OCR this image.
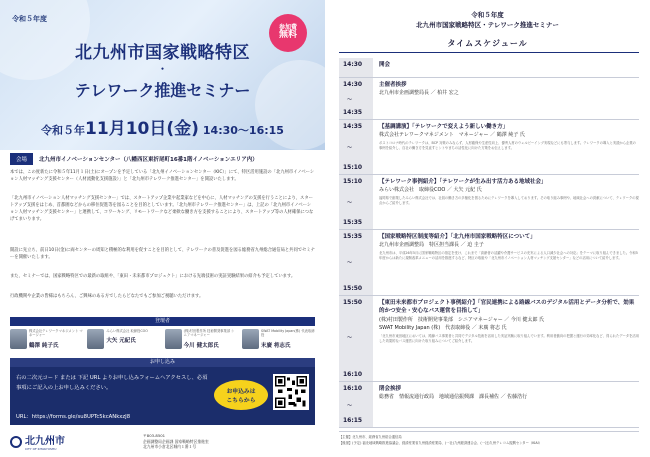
令和５年度
参加費
無料
北九州市国家戦略特区
・
テレワーク推進セミナー
令和５年11月10日(金) 14:30〜16:15
会場	北九州市イノベーションセンター（八幡西区東折尾町16番1階イノベーションエリア内）
本では、この度新たに令和５年11月１日(土)にオープンを予定している「北九州イノベーションセンター（KIC）」にて、特区活用施設の「北九州市イノベーション人材マッチング支援センター（人材流動化支援施設）」と「北九州市テレワーク推進センター」を開設いたします。
「北九州市イノベーション人材マッチング支援センター」では、スタートアップ企業や起業家などを中心に、人材マッチングの支援を行うことにより、スタートアップ支援をはじめ、首都圏などからの移住促進等を図ることを目的としています。「北九州市テレワーク推進センター」は、上記の「北九州市イノベーション人材マッチング支援センター」と連携して、コワーキング、リモートワークなど柔軟な働き方を支援することにより、スタートアップ等の人材確保につなげてまいります。
開設に先立ち、前日10日(金)に両センターの周知と積極的な利用を促すことを目的として、テレワークの普及促進を図る総務省九州総合通信局と共同でセミナーを開催いたします。
また、セミナーでは、国家戦略特区での最新の取組や、「東田・未来都市プロジェクト」における先端技術の実証実験結果の紹介も予定しています。
行政機関や企業の皆様はもちろん、ご興味のある方でしたらどなたでもご参加ご視聴いただけます。
登壇者
株式会社テレワークマネジメント マネージャー
鶴澤 純子氏
みらい株式会社 取締役COO
大矢 元紀氏
(株)村田製作所 技術開発事業部 シニアマネージャー
今川 健太郎氏
SWAT Mobility Japan(株) 代表取締役
末廣 将志氏
お申し込み
右の二次元コード または 下記 URL よりお申し込みフォームへアクセスし、必須事項にご記入の上お申し込みください。
URL：https://forms.gle/su8UPTc5kcANkxzJ8
お申込みは
こちらから
北九州市
CITY OF KITAKYUSHU
〒803-8501
企画調整局企画課 国家戦略特区推進室
北九州市小倉北区城内１番１号
令和５年度
北九州市国家戦略特区・テレワーク推進セミナー
タイムスケジュール
14:30	開会
14:30
〜
14:35
主催者挨拶
北九州市企画調整局長 ／ 柏井 宏之
14:35
〜
15:10
【基調講演】「テレワークで変えよう新しい働き方」
株式会社テレワークマネジメント　マネージャー ／ 鶴澤 純子 氏
ポストコロナ時代のテレワークは、BCP 対策のみならず、人材確保や生産性向上、優秀人材のウェルビーイング実現などにも寄与します。テレワークの導入と実践から企業の事例を紹介し、自社の働き方を見直すヒントやまちの活性化に向けた方策をお伝えします。
15:10
〜
15:35
【テレワーク事例紹介】「テレワークが生み出す活力ある地域社会」
みらい株式会社　取締役COO ／ 大矢 元紀 氏
福岡県で創業したみらい株式会社では、社員の働き方の多様化を図るためにテレワークを導入しております。その取り組み事例や、地域社会への貢献について、テレワークの視点からご紹介します。
15:35
〜
15:50
【国家戦略特区制度等紹介】「北九州市国家戦略特区について」
北九州市企画調整局　特区担当課長 ／ 迫 圭子
北九州市は、平成26年5月に国家戦略特区の指定を受け、これまで「高齢者の活躍や介護サービスの充実による人口減少社会への対応」をテーマに取り組んできました。令和5年度からは新たに規制改革メニューの活用を推進するなど、特区の取組や「北九州市イノベーション人材マッチング支援センター」などの活用について紹介します。
15:50
〜
16:10
【東田未来都市プロジェクト事例紹介】「官民連携による路線バスのデジタル活用とデータ分析で、効果的かつ安全・安心なバス運営を目指して」
(株)村田製作所　技術開発事業部　シニアマネージャー ／ 今川 健太郎 氏
SWAT Mobility Japan (株)　代表取締役 ／ 末廣 将志 氏
「北九州市東田地区においては、路線バス事業者と共同でデジタル技術を活用した実証実験に取り組んでいます。利用者動向の把握と運行の効率化など、得られたデータを活用した効果的なバス運営に向けた取り組みについてご紹介します。
16:10
〜
16:15
閉会挨拶
総務省　情報流通行政局　地域通信振興課　課長補佐 ／ 佐藤浩行
【主催】北九州市、総務省九州総合通信局
【後援】(予定) 福北地域戦略推進協議会、経済産業省九州経済産業局、(一社)九州経済連合会、(一社)九州テレコム振興センター（KIAI）
